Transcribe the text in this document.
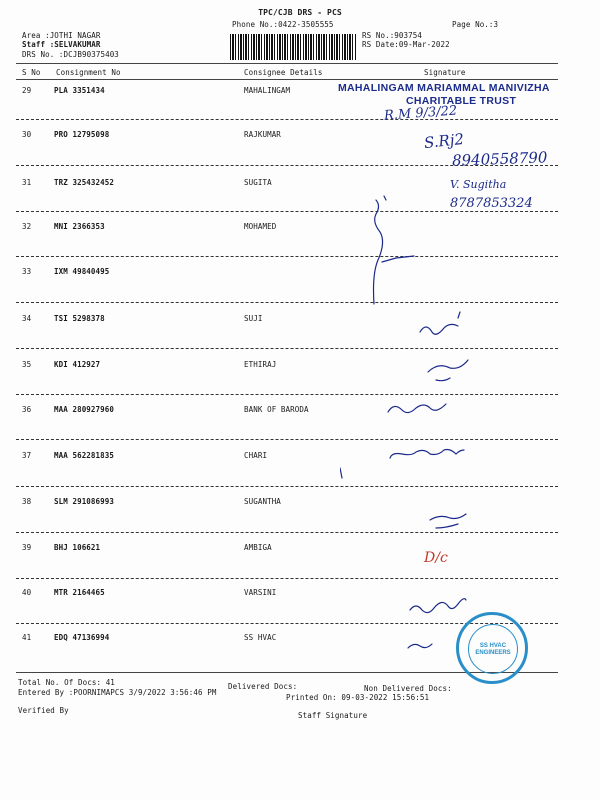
TPC/CJB DRS - PCS
Phone No.:0422-3505555	Page No.:3
Area :JOTHI NAGAR
Staff :SELVAKUMAR
DRS No. :DCJB90375403
RS No.:903754
RS Date:09-Mar-2022
S No Consignment No	Consignee Details	Signature
29	PLA 3351434	MAHALINGAM
30	PRO 12795098	RAJKUMAR
31	TRZ 325432452	SUGITA
32	MNI 2366353	MOHAMED
33	IXM 49840495
34	TSI 5298378	SUJI
35	KDI 412927	ETHIRAJ
36	MAA 280927960	BANK OF BARODA
37	MAA 562281835	CHARI
38	SLM 291086993	SUGANTHA
39	BHJ 106621	AMBIGA
40	MTR 2164465	VARSINI
41	EDQ 47136994	SS HVAC
MAHALINGAM MARIAMMAL MANIVIZHA
CHARITABLE TRUST
R.M 9/3/22
S.Rj2
8940558790
V. Sugitha
8787853324
D/c
SS HVAC ENGINEERS
Total No. Of Docs: 41	Delivered Docs:	Non Delivered Docs:
Entered By :POORNIMAPCS 3/9/2022 3:56:46 PM
Printed On: 09-03-2022 15:56:51
Verified By
Staff Signature
